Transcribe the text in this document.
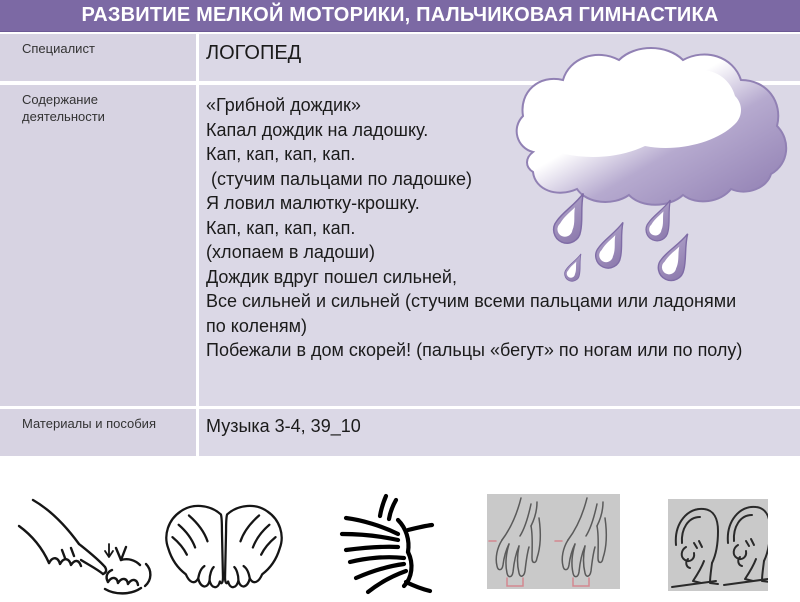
РАЗВИТИЕ МЕЛКОЙ МОТОРИКИ, ПАЛЬЧИКОВАЯ ГИМНАСТИКА
Специалист	ЛОГОПЕД
Содержание деятельности
«Грибной дождик»
Капал дождик на ладошку.
Кап, кап, кап, кап.
(стучим пальцами по ладошке)
Я ловил малютку-крошку.
Кап, кап, кап, кап.
(хлопаем в ладоши)
Дождик вдруг пошел сильней,
Все сильней и сильней (стучим всеми пальцами или ладонями
по коленям)
Побежали в дом скорей! (пальцы «бегут» по ногам или по полу)
Материалы и пособия	Музыка 3-4, 39_10
